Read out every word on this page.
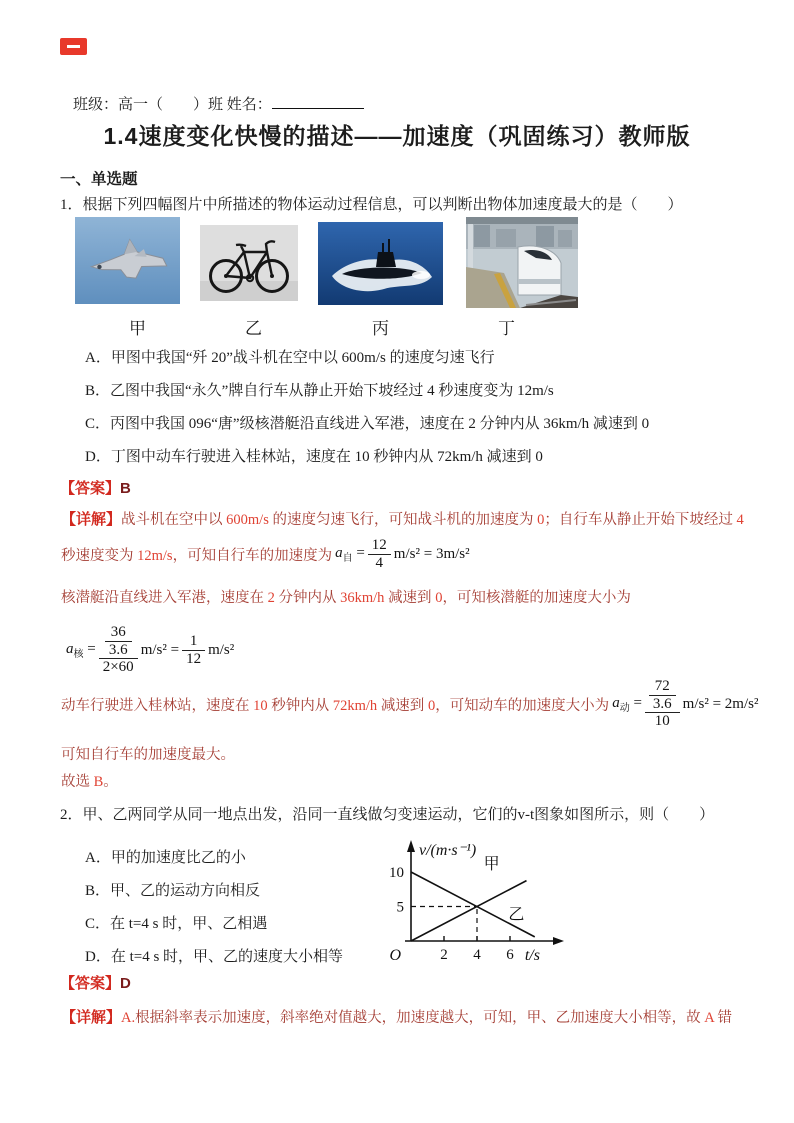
班级：高一（　　）班 姓名：
1.4速度变化快慢的描述——加速度（巩固练习）教师版
一、单选题
1．根据下列四幅图片中所描述的物体运动过程信息，可以判断出物体加速度最大的是（　　）
甲	乙	丙	丁
A．甲图中我国“歼 20”战斗机在空中以 600m/s 的速度匀速飞行
B．乙图中我国“永久”牌自行车从静止开始下坡经过 4 秒速度变为 12m/s
C．丙图中我国 096“唐”级核潜艇沿直线进入军港，速度在 2 分钟内从 36km/h 减速到 0
D．丁图中动车行驶进入桂林站，速度在 10 秒钟内从 72km/h 减速到 0
【答案】B
【详解】战斗机在空中以 600m/s 的速度匀速飞行，可知战斗机的加速度为 0；自行车从静止开始下坡经过 4
秒速度变为 12m/s，可知自行车的加速度为 $a_自 = \frac{12}{4} m/s^2 = 3m/s^2$
核潜艇沿直线进入军港，速度在 2 分钟内从 36km/h 减速到 0，可知核潜艇的加速度大小为
$a_核 = \frac{\frac{36}{3.6}}{2\times 60} m/s^2 = \frac{1}{12} m/s^2$
动车行驶进入桂林站，速度在 10 秒钟内从 72km/h 减速到 0，可知动车的加速度大小为 $a_动 = \frac{\frac{72}{3.6}}{10} m/s^2 = 2m/s^2$
可知自行车的加速度最大。
故选 B。
2．甲、乙两同学从同一地点出发，沿同一直线做匀变速运动，它们的v-t图象如图所示，则（　　）
A．甲的加速度比乙的小
B．甲、乙的运动方向相反
C．在 t=4 s 时，甲、乙相遇
D．在 t=4 s 时，甲、乙的速度大小相等	2 4 6
5
10	甲
乙
v/(m·s⁻¹)
t/s
O
【答案】D
【详解】A.根据斜率表示加速度，斜率绝对值越大，加速度越大，可知，甲、乙加速度大小相等，故 A 错
